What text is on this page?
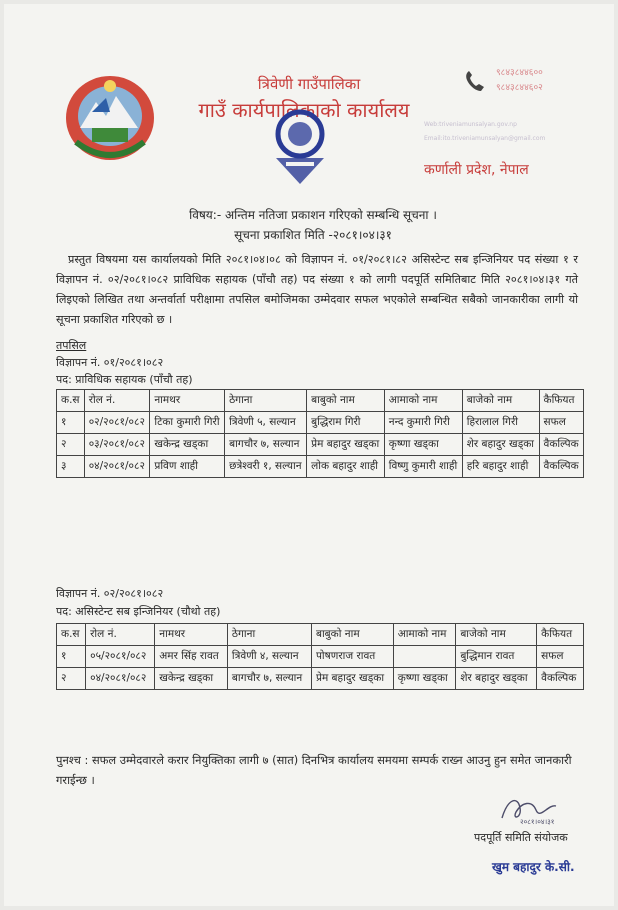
त्रिवेणी गाउँपालिका
गाउँ कार्यपालिकाको कार्यालय
९८४३८४४६००
९८४३८४४६०२
Web:triveniamunsalyan.gov.np
Email:ito.triveniamunsalyan@gmail.com
कर्णाली प्रदेश, नेपाल
विषय:- अन्तिम नतिजा प्रकाशन गरिएको सम्बन्धि सूचना ।
सूचना प्रकाशित मिति -२०८१।०४।३१
प्रस्तुत विषयमा यस कार्यालयको मिति २०८१।०४।०८ को विज्ञापन नं. ०१/२०८१।८२ असिस्टेन्ट सब इन्जिनियर पद संख्या १ र विज्ञापन नं. ०२/२०८१।०८२ प्राविधिक सहायक (पाँचौ तह) पद संख्या १ को लागी पदपूर्ति समितिबाट मिति २०८१।०४।३१ गते लिइएको लिखित तथा अन्तर्वार्ता परीक्षामा तपसिल बमोजिमका उम्मेदवार सफल भएकोले सम्बन्धित सबैको जानकारीका लागी यो सूचना प्रकाशित गरिएको छ ।
तपसिल
विज्ञापन नं. ०१/२०८१।०८२
पद: प्राविधिक सहायक (पाँचौ तह)
क.स	रोल नं.	नामथर	ठेगाना	बाबुको नाम	आमाको नाम	बाजेको नाम	कैफियत
१	०२/२०८१/०८२	टिका कुमारी गिरी	त्रिवेणी ५, सल्यान	बुद्धिराम गिरी	नन्द कुमारी गिरी	हिरालाल गिरी	सफल
२	०३/२०८१/०८२	खकेन्द्र खड्का	बागचौर ७, सल्यान	प्रेम बहादुर खड्का	कृष्णा खड्का	शेर बहादुर खड्का	वैकल्पिक
३	०४/२०८१/०८२	प्रविण शाही	छत्रेश्वरी १, सल्यान	लोक बहादुर शाही	विष्णु कुमारी शाही	हरि बहादुर शाही	वैकल्पिक
विज्ञापन नं. ०२/२०८१।०८२
पद: असिस्टेन्ट सब इन्जिनियर (चौथो तह)
क.स	रोल नं.	नामथर	ठेगाना	बाबुको नाम	आमाको नाम	बाजेको नाम	कैफियत
१	०५/२०८१/०८२	अमर सिंह रावत	त्रिवेणी ४, सल्यान	पोषणराज रावत		बुद्धिमान रावत	सफल
२	०४/२०८१/०८२	खकेन्द्र खड्का	बागचौर ७, सल्यान	प्रेम बहादुर खड्का	कृष्णा खड्का	शेर बहादुर खड्का	वैकल्पिक
पुनश्च : सफल उम्मेदवारले करार नियुक्तिका लागी ७ (सात) दिनभित्र कार्यालय समयमा सम्पर्क राख्न आउनु हुन समेत जानकारी गराईन्छ ।
२०८१।०४।३१
पदपूर्ति समिति संयोजक
खुम बहादुर के.सी.
